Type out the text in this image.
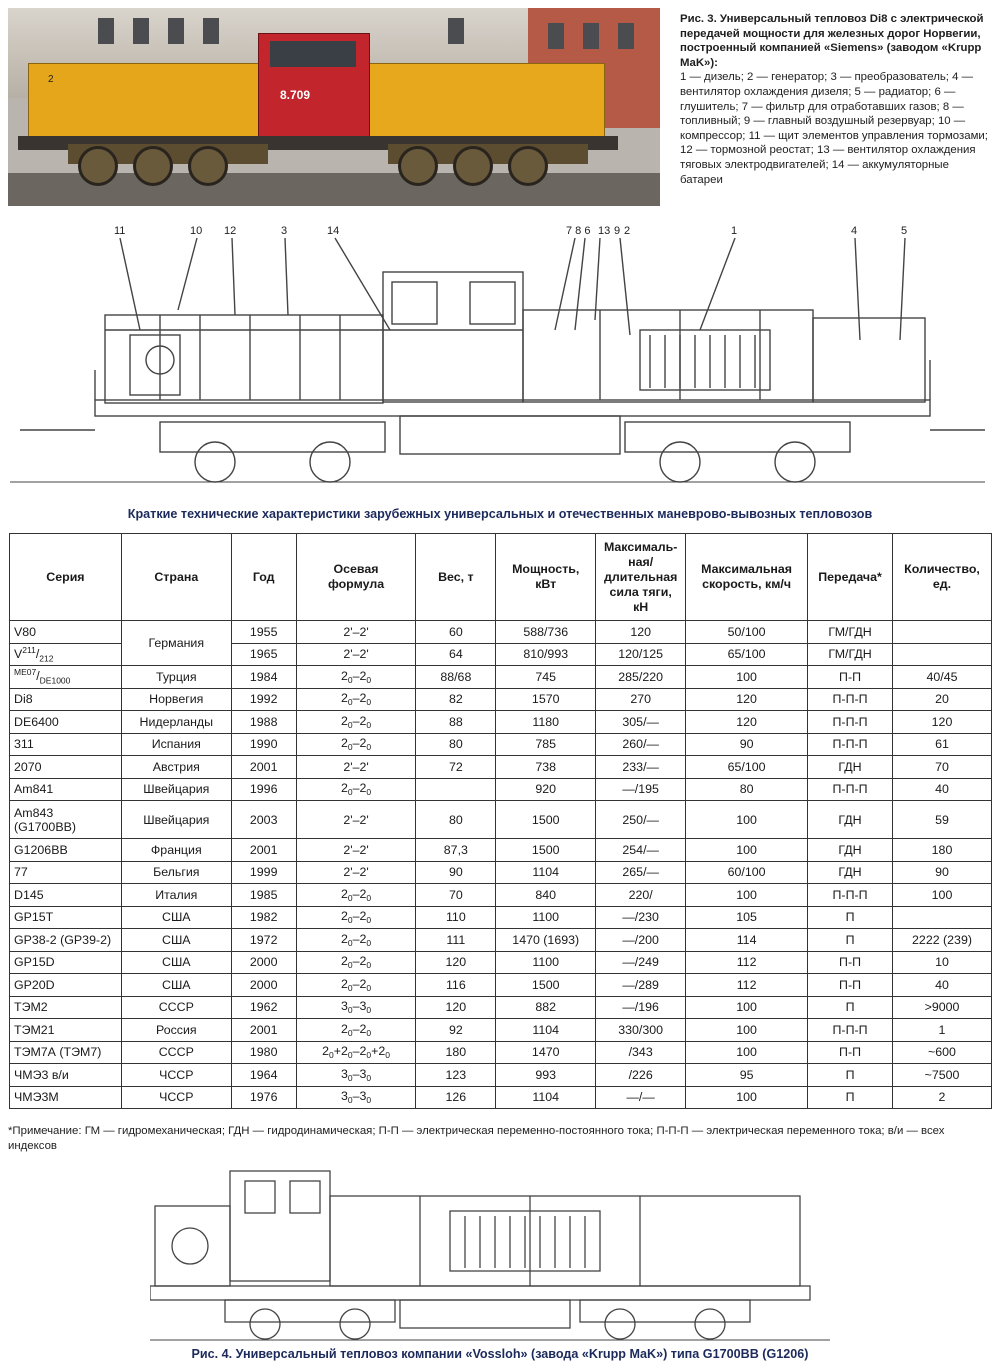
8.709
2
Рис. 3. Универсальный тепловоз Di8 с электрической передачей мощности для железных дорог Норвегии, построенный компанией «Siemens» (заводом «Krupp MaK»):
1 — дизель; 2 — генератор; 3 — преобразователь; 4 — вентилятор охлаждения дизеля; 5 — радиатор; 6 — глушитель; 7 — фильтр для отработавших газов; 8 — топливный; 9 — главный воздушный резервуар; 10 — компрессор; 11 — щит элементов управления тормозами; 12 — тормозной реостат; 13 — вентилятор охлаждения тяговых электродвигателей; 14 — аккумуляторные батареи
11	10 12	3	14	7 8 6 13 9 2	1	4	5
Краткие технические характеристики зарубежных универсальных и отечественных маневрово-вывозных тепловозов
Серия	Страна	Год	Осевая
формула	Вес, т	Мощность,
кВт	Максималь-
ная/
длительная
сила тяги,
кН	Максимальная
скорость, км/ч	Передача*	Количество,
ед.
V80	Германия	1955	2'–2'	60	588/736	120	50/100	ГМ/ГДН	
$V^{211}/_{212}$		1965	2'–2'	64	810/993	120/125	65/100	ГМ/ГДН	
$^{ME07}/_{DE1000}$	Турция	1984	$2_0-2_0$	88/68	745	285/220	100	П-П	40/45
Di8	Норвегия	1992	$2_0-2_0$	82	1570	270	120	П-П-П	20
DE6400	Нидерланды	1988	$2_0-2_0$	88	1180	305/—	120	П-П-П	120
311	Испания	1990	$2_0-2_0$	80	785	260/—	90	П-П-П	61
2070	Австрия	2001	2'–2'	72	738	233/—	65/100	ГДН	70
Am841	Швейцария	1996	$2_0-2_0$		920	—/195	80	П-П-П	40
Am843 (G1700BB)	Швейцария	2003	2'–2'	80	1500	250/—	100	ГДН	59
G1206BB	Франция	2001	2'–2'	87,3	1500	254/—	100	ГДН	180
77	Бельгия	1999	2'–2'	90	1104	265/—	60/100	ГДН	90
D145	Италия	1985	$2_0-2_0$	70	840	220/	100	П-П-П	100
GP15T	США	1982	$2_0-2_0$	110	1100	—/230	105	П	
GP38-2 (GP39-2)	США	1972	$2_0-2_0$	111	1470 (1693)	—/200	114	П	2222 (239)
GP15D	США	2000	$2_0-2_0$	120	1100	—/249	112	П-П	10
GP20D	США	2000	$2_0-2_0$	116	1500	—/289	112	П-П	40
ТЭМ2	СССР	1962	$3_0-3_0$	120	882	—/196	100	П	>9000
ТЭМ21	Россия	2001	$2_0-2_0$	92	1104	330/300	100	П-П-П	1
ТЭМ7А (ТЭМ7)	СССР	1980	$2_0+2_0-2_0+2_0$	180	1470	/343	100	П-П	~600
ЧМЭ3 в/и	ЧССР	1964	$3_0-3_0$	123	993	/226	95	П	~7500
ЧМЭ3М	ЧССР	1976	$3_0-3_0$	126	1104	—/—	100	П	2
*Примечание: ГМ — гидромеханическая; ГДН — гидродинамическая; П-П — электрическая переменно-постоянного тока; П-П-П — электрическая переменного тока; в/и — всех индексов
Рис. 4. Универсальный тепловоз компании «Vossloh» (завода «Krupp MaK») типа G1700BB (G1206)
